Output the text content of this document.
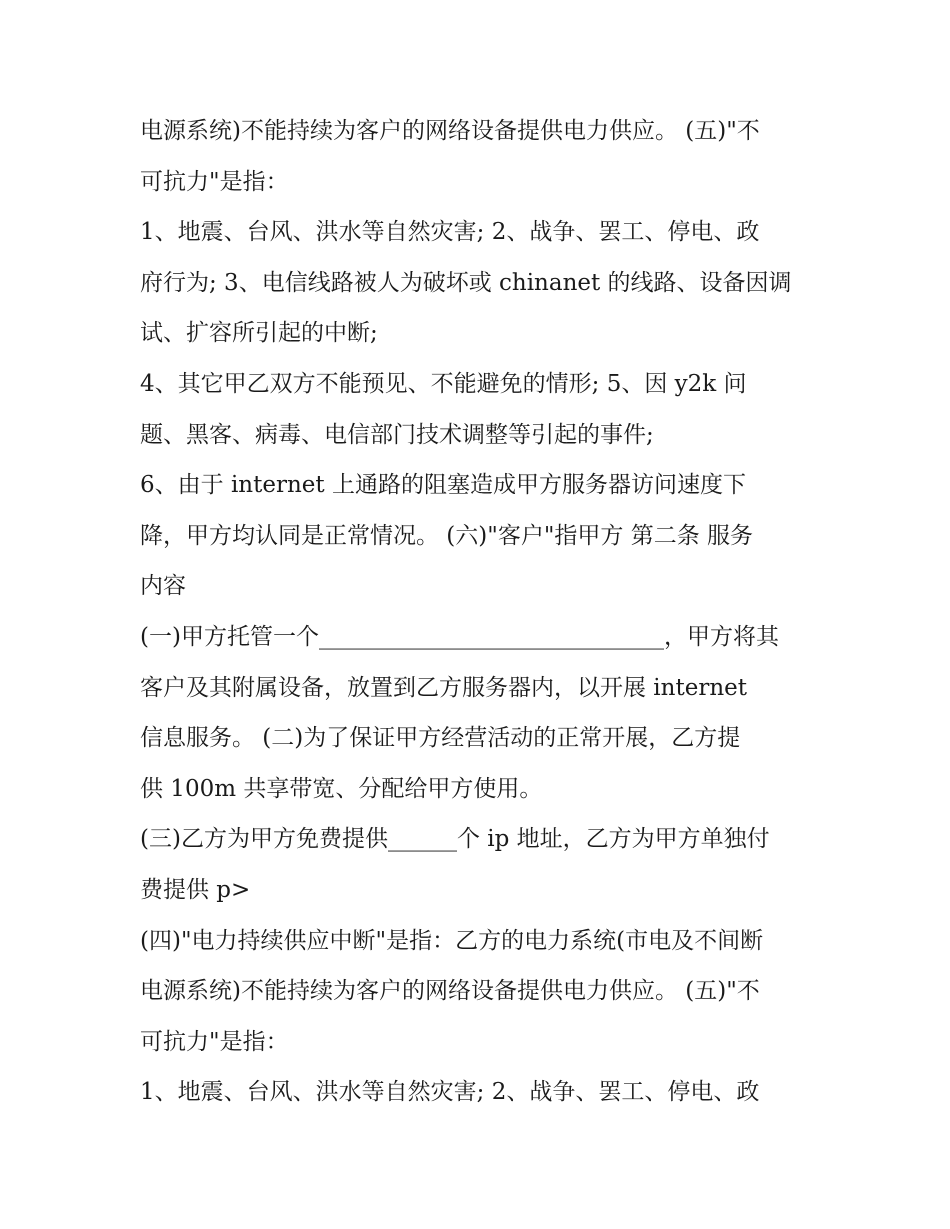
电源系统)不能持续为客户的网络设备提供电力供应。 (五)"不
可抗力"是指：
1、地震、台风、洪水等自然灾害; 2、战争、罢工、停电、政
府行为; 3、电信线路被人为破坏或 chinanet 的线路、设备因调
试、扩容所引起的中断;
4、其它甲乙双方不能预见、不能避免的情形; 5、因 y2k 问
题、黑客、病毒、电信部门技术调整等引起的事件;
6、由于 internet 上通路的阻塞造成甲方服务器访问速度下
降，甲方均认同是正常情况。 (六)"客户"指甲方 第二条 服务
内容
(一)甲方托管一个______________________________，甲方将其
客户及其附属设备，放置到乙方服务器内，以开展 internet
信息服务。 (二)为了保证甲方经营活动的正常开展，乙方提
供 100m 共享带宽、分配给甲方使用。
(三)乙方为甲方免费提供______个 ip 地址，乙方为甲方单独付
费提供 p>
(四)"电力持续供应中断"是指：乙方的电力系统(市电及不间断
电源系统)不能持续为客户的网络设备提供电力供应。 (五)"不
可抗力"是指：
1、地震、台风、洪水等自然灾害; 2、战争、罢工、停电、政
